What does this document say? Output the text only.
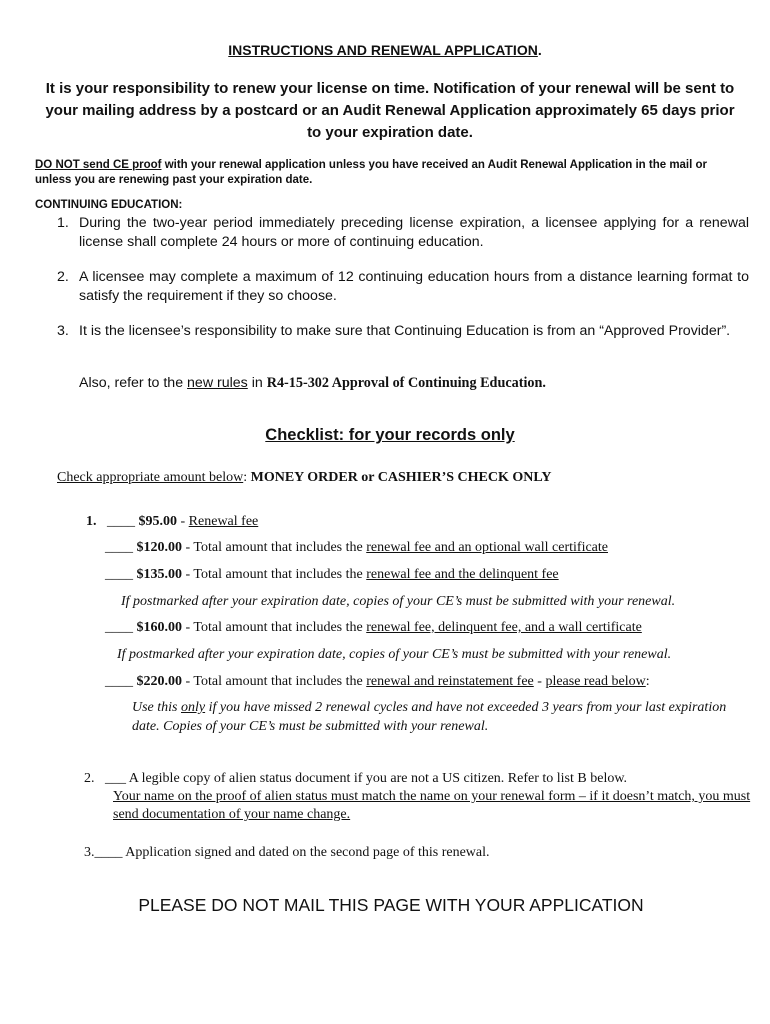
INSTRUCTIONS AND RENEWAL APPLICATION.
It is your responsibility to renew your license on time. Notification of your renewal will be sent to your mailing address by a postcard or an Audit Renewal Application approximately 65 days prior to your expiration date.
DO NOT send CE proof with your renewal application unless you have received an Audit Renewal Application in the mail or unless you are renewing past your expiration date.
CONTINUING EDUCATION:
1. During the two-year period immediately preceding license expiration, a licensee applying for a renewal license shall complete 24 hours or more of continuing education.
2. A licensee may complete a maximum of 12 continuing education hours from a distance learning format to satisfy the requirement if they so choose.
3. It is the licensee’s responsibility to make sure that Continuing Education is from an “Approved Provider”.
Also, refer to the new rules in R4-15-302 Approval of Continuing Education.
Checklist: for your records only
Check appropriate amount below: MONEY ORDER or CASHIER’S CHECK ONLY
1. ____ $95.00 - Renewal fee
____ $120.00 - Total amount that includes the renewal fee and an optional wall certificate
____ $135.00 - Total amount that includes the renewal fee and the delinquent fee
If postmarked after your expiration date, copies of your CE’s must be submitted with your renewal.
____ $160.00 - Total amount that includes the renewal fee, delinquent fee, and a wall certificate
If postmarked after your expiration date, copies of your CE’s must be submitted with your renewal.
____ $220.00 - Total amount that includes the renewal and reinstatement fee - please read below:
Use this only if you have missed 2 renewal cycles and have not exceeded 3 years from your last expiration date. Copies of your CE’s must be submitted with your renewal.
2. ___ A legible copy of alien status document if you are not a US citizen. Refer to list B below.
Your name on the proof of alien status must match the name on your renewal form – if it doesn’t match, you must send documentation of your name change.
3.____ Application signed and dated on the second page of this renewal.
PLEASE DO NOT MAIL THIS PAGE WITH YOUR APPLICATION
